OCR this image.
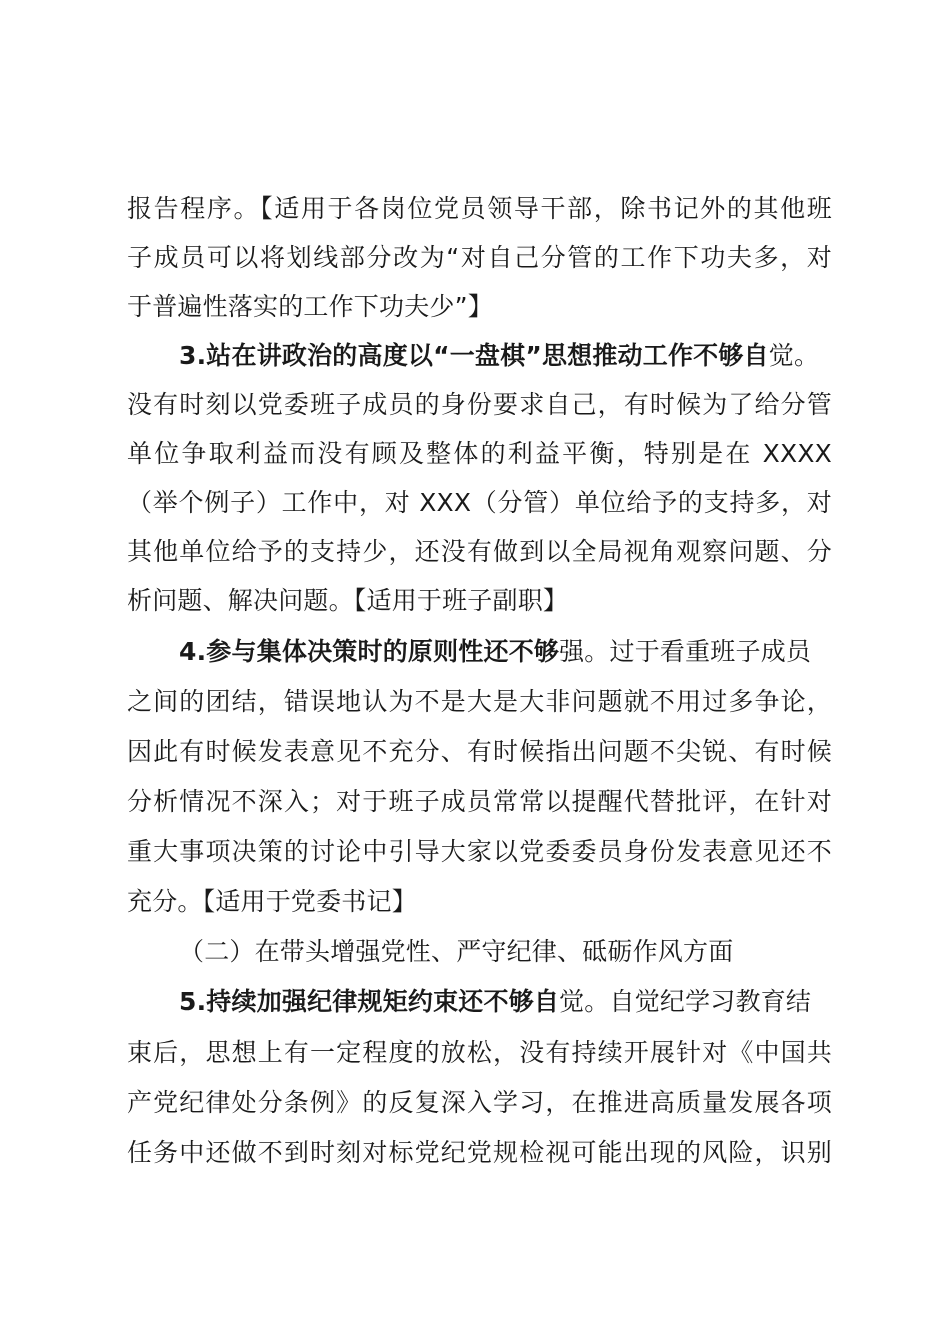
报告程序。【适用于各岗位党员领导干部，除书记外的其他班
子成员可以将划线部分改为“对自己分管的工作下功夫多，对
于普遍性落实的工作下功夫少”】
3.站在讲政治的高度以“一盘棋”思想推动工作不够自觉。
没有时刻以党委班子成员的身份要求自己，有时候为了给分管
单位争取利益而没有顾及整体的利益平衡，特别是在 XXXX
（举个例子）工作中，对 XXX（分管）单位给予的支持多，对
其他单位给予的支持少，还没有做到以全局视角观察问题、分
析问题、解决问题。【适用于班子副职】
4.参与集体决策时的原则性还不够强。过于看重班子成员
之间的团结，错误地认为不是大是大非问题就不用过多争论，
因此有时候发表意见不充分、有时候指出问题不尖锐、有时候
分析情况不深入；对于班子成员常常以提醒代替批评，在针对
重大事项决策的讨论中引导大家以党委委员身份发表意见还不
充分。【适用于党委书记】
（二）在带头增强党性、严守纪律、砥砺作风方面
5.持续加强纪律规矩约束还不够自觉。自觉纪学习教育结
束后，思想上有一定程度的放松，没有持续开展针对《中国共
产党纪律处分条例》的反复深入学习，在推进高质量发展各项
任务中还做不到时刻对标党纪党规检视可能出现的风险，识别
